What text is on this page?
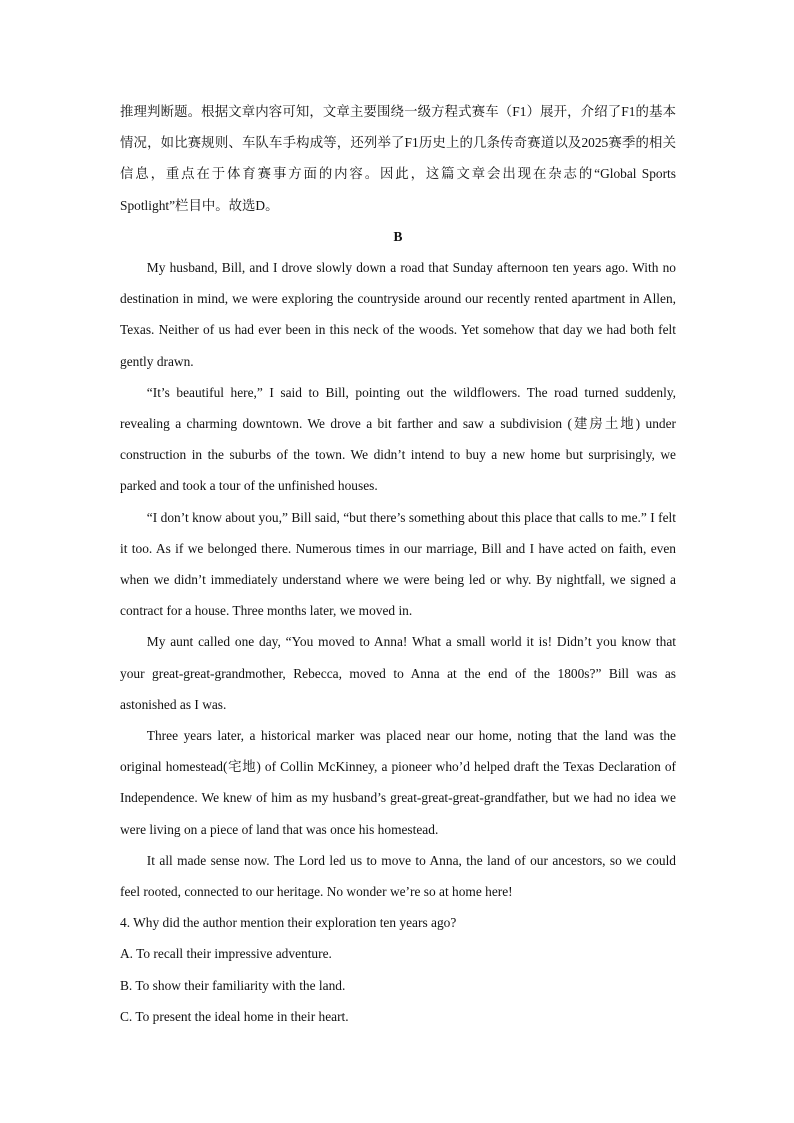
推理判断题。根据文章内容可知，文章主要围绕一级方程式赛车（F1）展开，介绍了F1的基本情况，如比赛规则、车队车手构成等，还列举了F1历史上的几条传奇赛道以及2025赛季的相关信息，重点在于体育赛事方面的内容。因此，这篇文章会出现在杂志的“Global Sports Spotlight”栏目中。故选D。

B

My husband, Bill, and I drove slowly down a road that Sunday afternoon ten years ago. With no destination in mind, we were exploring the countryside around our recently rented apartment in Allen, Texas. Neither of us had ever been in this neck of the woods. Yet somehow that day we had both felt gently drawn.

“It’s beautiful here,” I said to Bill, pointing out the wildflowers. The road turned suddenly, revealing a charming downtown. We drove a bit farther and saw a subdivision (建房土地) under construction in the suburbs of the town. We didn’t intend to buy a new home but surprisingly, we parked and took a tour of the unfinished houses.

“I don’t know about you,” Bill said, “but there’s something about this place that calls to me.” I felt it too. As if we belonged there. Numerous times in our marriage, Bill and I have acted on faith, even when we didn’t immediately understand where we were being led or why. By nightfall, we signed a contract for a house. Three months later, we moved in.

My aunt called one day, “You moved to Anna! What a small world it is! Didn’t you know that your great-great-grandmother, Rebecca, moved to Anna at the end of the 1800s?” Bill was as astonished as I was.

Three years later, a historical marker was placed near our home, noting that the land was the original homestead(宅地) of Collin McKinney, a pioneer who’d helped draft the Texas Declaration of Independence. We knew of him as my husband’s great-great-great-grandfather, but we had no idea we were living on a piece of land that was once his homestead.

It all made sense now. The Lord led us to move to Anna, the land of our ancestors, so we could feel rooted, connected to our heritage. No wonder we’re so at home here!

4. Why did the author mention their exploration ten years ago?

A. To recall their impressive adventure.

B. To show their familiarity with the land.

C. To present the ideal home in their heart.
